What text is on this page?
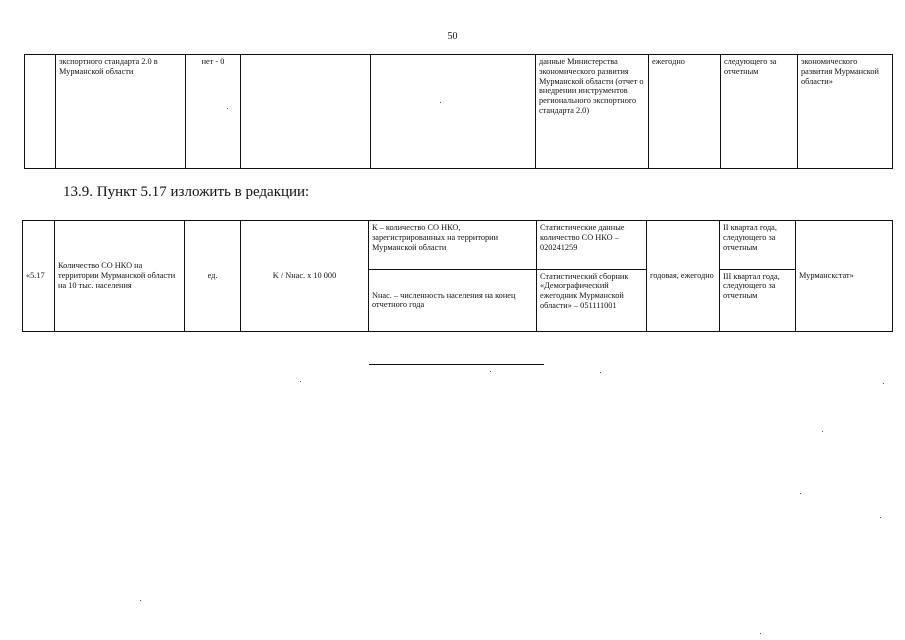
50
	экспортного стандарта 2.0 в Мурманской области	нет - 0			данные Министерства экономического развития Мурманской области (отчет о внедрении инструментов регионального экспортного стандарта 2.0)	ежегодно	следующего за отчетным	экономического развития Мурманской области»
13.9. Пункт 5.17 изложить в редакции:
«5.17	Количество СО НКО на территории Мурманской области на 10 тыс. населения	ед.	K / Nнас. x 10 000	К – количество СО НКО, зарегистрированных на территории Мурманской области	Статистические данные количество СО НКО – 020241259	годовая, ежегодно	II квартал года, следующего за отчетным	Мурманскстат»
				Nнас. – численность населения на конец отчетного года	Статистический сборник «Демографический ежегодник Мурманской области» – 051111001		III квартал года, следующего за отчетным	
